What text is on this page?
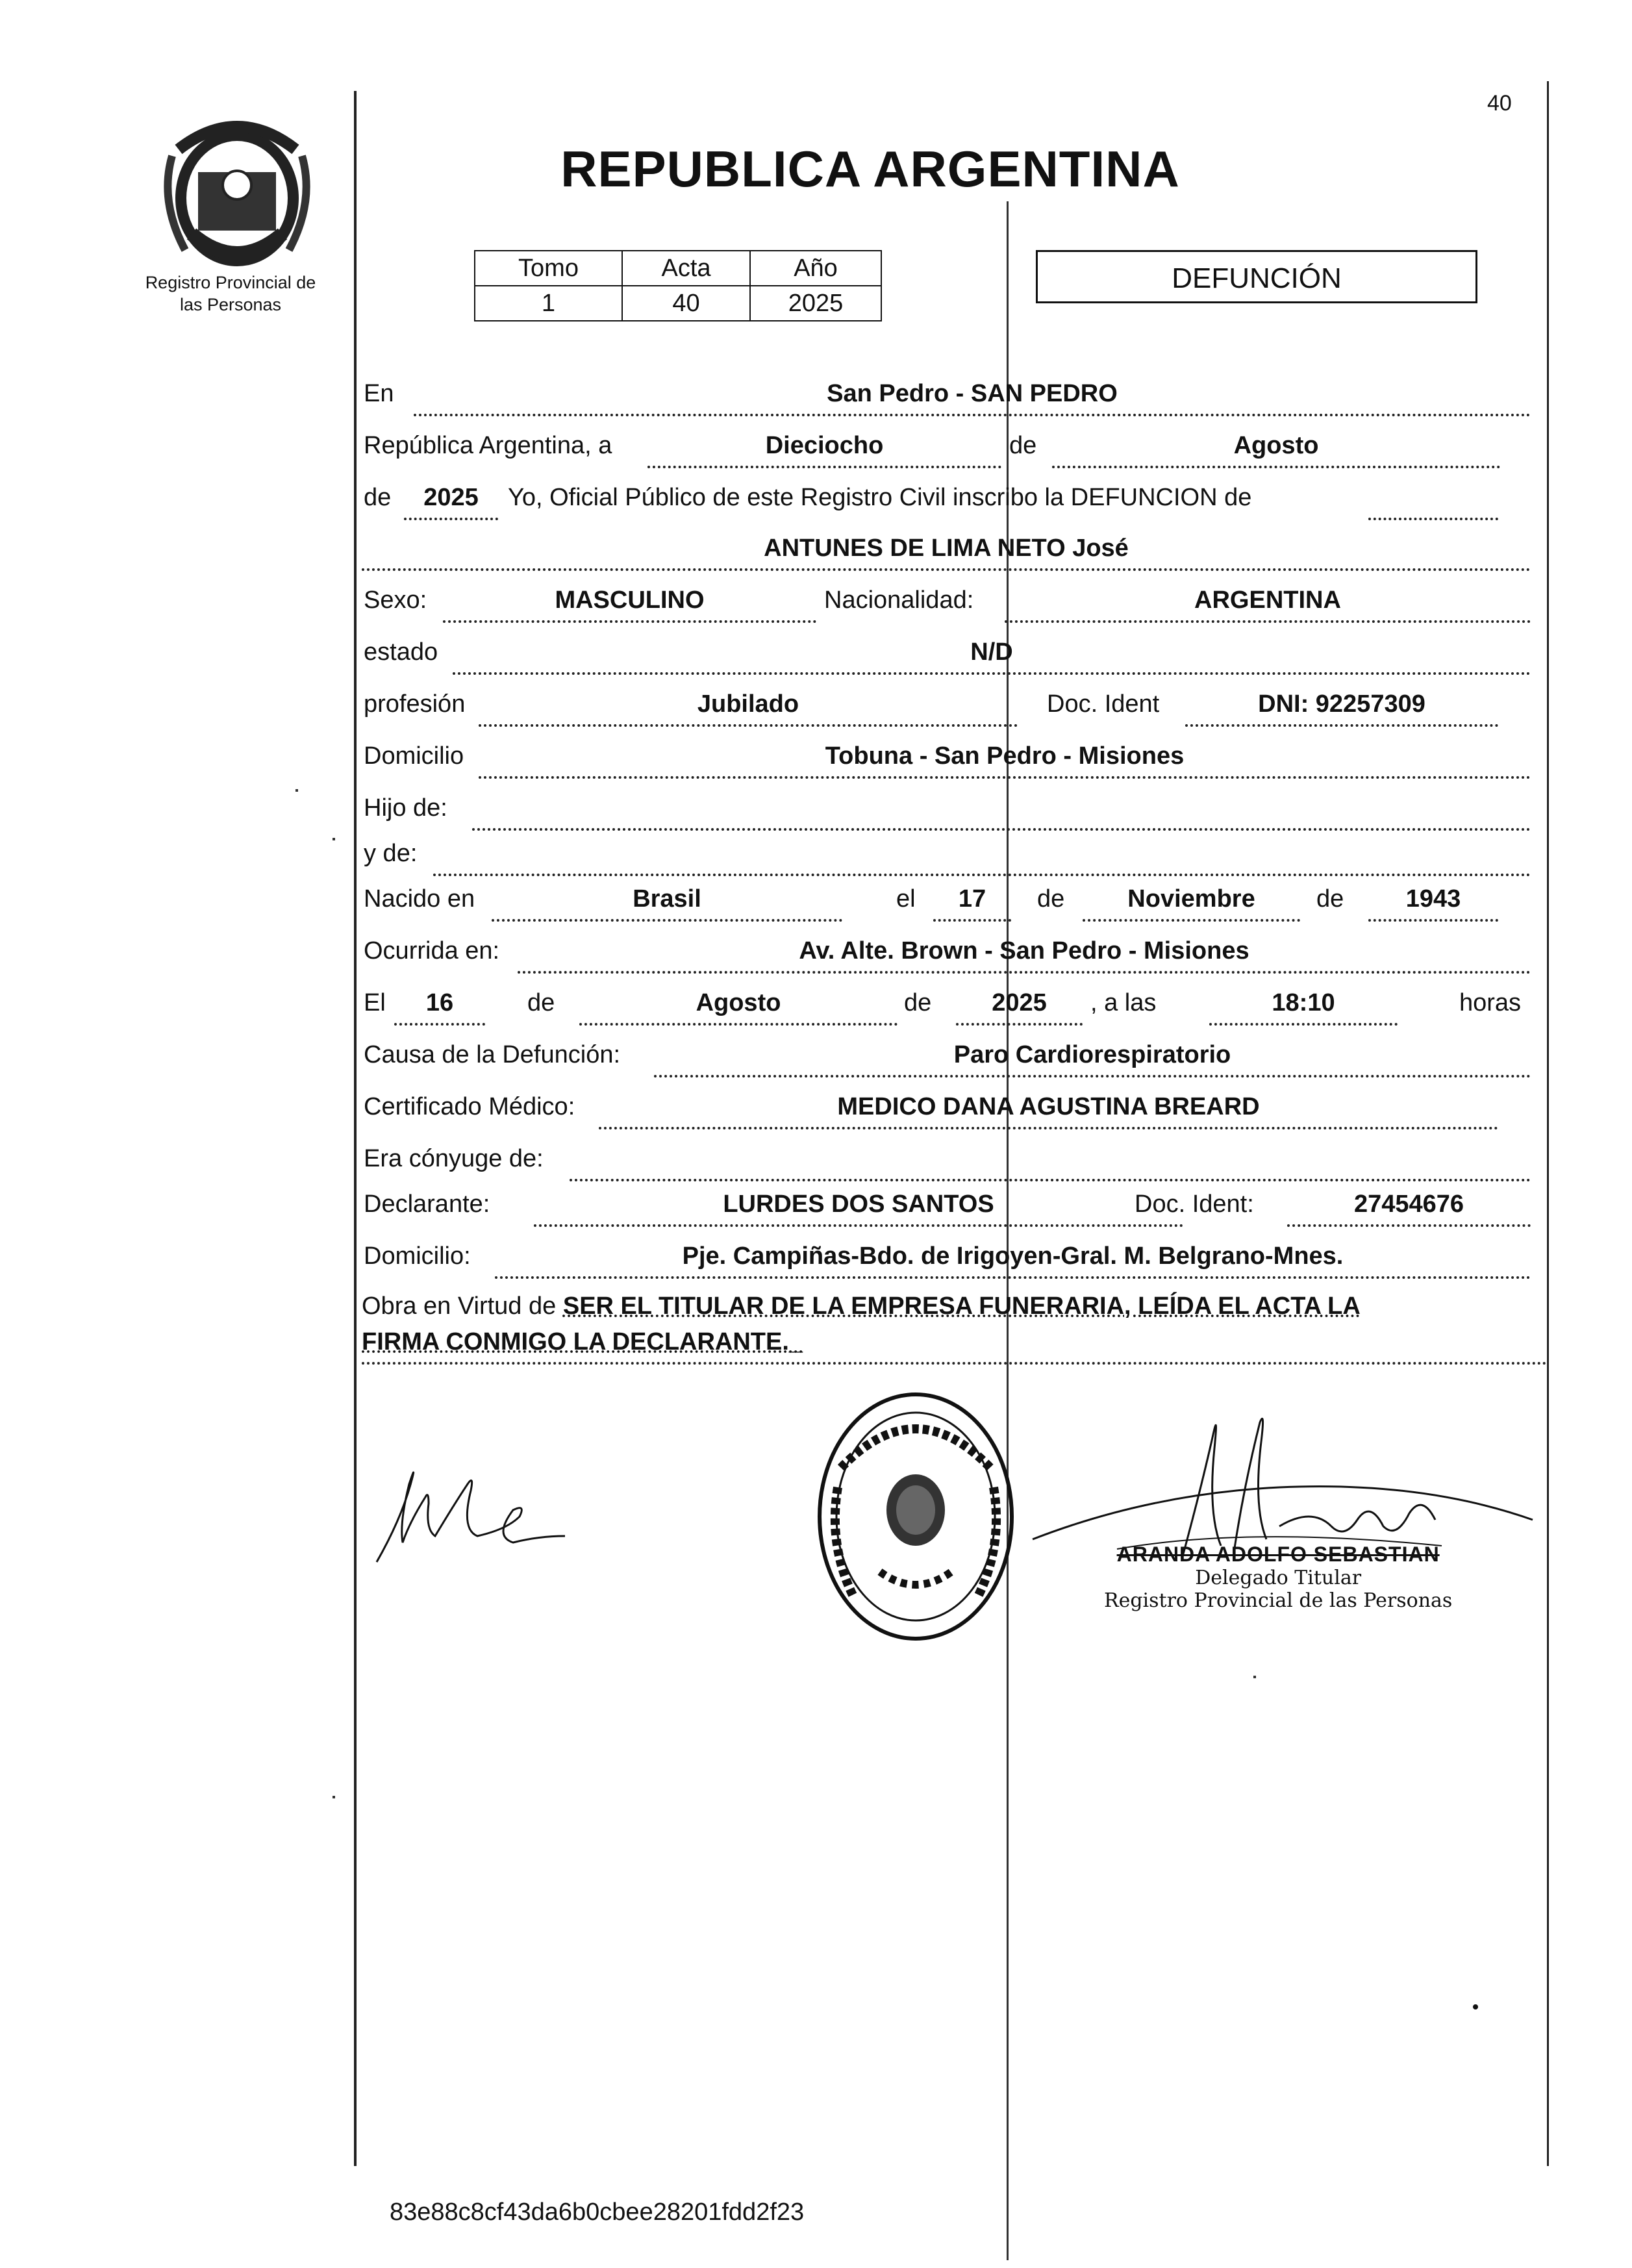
Registro Provincial de
las Personas
40
REPUBLICA ARGENTINA
Tomo	Acta	Año
1	40	2025
DEFUNCIÓN
En	San Pedro - SAN PEDRO
República Argentina, a	Dieciocho	de	Agosto
de	2025	Yo, Oficial Público de este Registro Civil inscribo la DEFUNCION de
ANTUNES DE LIMA NETO José
Sexo:	MASCULINO	Nacionalidad:	ARGENTINA
estado	N/D
profesión	Jubilado	Doc. Ident	DNI: 92257309
Domicilio	Tobuna - San Pedro - Misiones
Hijo de:
y de:
Nacido en	Brasil	el	17	de	Noviembre	de	1943
Ocurrida en:	Av. Alte. Brown - San Pedro - Misiones
El	16	de	Agosto	de	2025	, a las	18:10	horas
Causa de la Defunción:	Paro Cardiorespiratorio
Certificado Médico:	MEDICO DANA AGUSTINA BREARD
Era cónyuge de:
Declarante:	LURDES DOS SANTOS	Doc. Ident:	27454676
Domicilio:	Pje. Campiñas-Bdo. de Irigoyen-Gral. M. Belgrano-Mnes.
Obra en Virtud de SER EL TITULAR DE LA EMPRESA FUNERARIA, LEÍDA EL ACTA LA
FIRMA CONMIGO LA DECLARANTE._
ARANDA ADOLFO SEBASTIAN
Delegado Titular
Registro Provincial de las Personas
83e88c8cf43da6b0cbee28201fdd2f23
